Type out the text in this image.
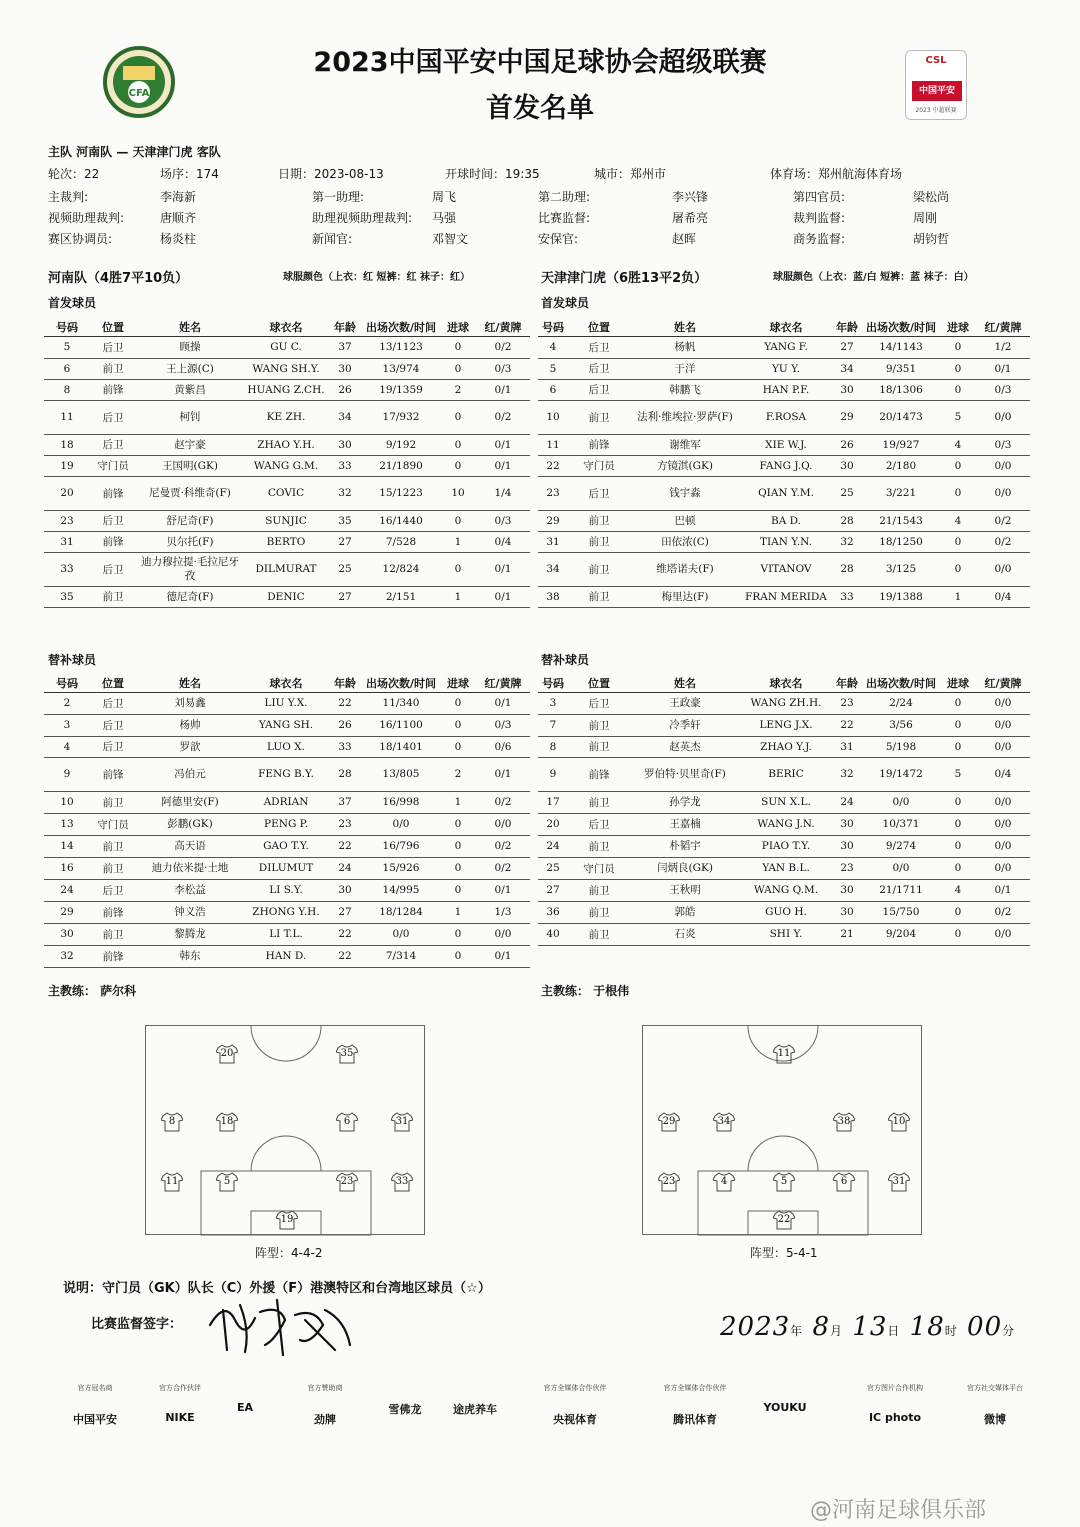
CFA
2023中国平安中国足球协会超级联赛
首发名单
CSL
中国平安
2023 中超联赛
主队 河南队 — 天津津门虎 客队
轮次：22	场序：174	日期：2023-08-13	开球时间：19:35	城市：郑州市	体育场：郑州航海体育场
主裁判:	李海新	第一助理:	周飞	第二助理:	李兴锋	第四官员:	梁松尚
视频助理裁判:	唐顺齐	助理视频助理裁判: 马强	比赛监督:	屠希亮	裁判监督:	周刚
赛区协调员:	杨炎柱	新闻官:	邓智文	安保官:	赵晖	商务监督:	胡钧哲
河南队（4胜7平10负）	球服颜色（上衣：红 短裤：红 袜子：红）	天津津门虎（6胜13平2负）	球服颜色（上衣：蓝/白 短裤：蓝 袜子：白）
首发球员	首发球员
号码	位置	姓名	球衣名	年龄	出场次数/时间	进球	红/黄牌
5	后卫	顾操	GU C.	37	13/1123	0	0/2
6	前卫	王上源(C)	WANG SH.Y.	30	13/974	0	0/3
8	前锋	黄紫昌	HUANG Z.CH.	26	19/1359	2	0/1
11	后卫	柯钊	KE ZH.	34	17/932	0	0/2
18	后卫	赵宇豪	ZHAO Y.H.	30	9/192	0	0/1
19	守门员	王国明(GK)	WANG G.M.	33	21/1890	0	0/1
20	前锋	尼曼贾·科维奇(F)	COVIC	32	15/1223	10	1/4
23	后卫	舒尼奇(F)	SUNJIC	35	16/1440	0	0/3
31	前锋	贝尔托(F)	BERTO	27	7/528	1	0/4
33	后卫	迪力穆拉提·毛拉尼牙孜	DILMURAT	25	12/824	0	0/1
35	前卫	德尼奇(F)	DENIC	27	2/151	1	0/1
号码	位置	姓名	球衣名	年龄	出场次数/时间	进球	红/黄牌
4	后卫	杨帆	YANG F.	27	14/1143	0	1/2
5	后卫	于洋	YU Y.	34	9/351	0	0/1
6	后卫	韩鹏飞	HAN P.F.	30	18/1306	0	0/3
10	前卫	法利·维埃拉·罗萨(F)	F.ROSA	29	20/1473	5	0/0
11	前锋	谢维军	XIE W.J.	26	19/927	4	0/3
22	守门员	方镜淇(GK)	FANG J.Q.	30	2/180	0	0/0
23	后卫	钱宇淼	QIAN Y.M.	25	3/221	0	0/0
29	前卫	巴顿	BA D.	28	21/1543	4	0/2
31	前卫	田依浓(C)	TIAN Y.N.	32	18/1250	0	0/2
34	前卫	维塔诺夫(F)	VITANOV	28	3/125	0	0/0
38	前卫	梅里达(F)	FRAN MERIDA	33	19/1388	1	0/4
替补球员	替补球员
号码	位置	姓名	球衣名	年龄	出场次数/时间	进球	红/黄牌
2	后卫	刘易鑫	LIU Y.X.	22	11/340	0	0/1
3	后卫	杨帅	YANG SH.	26	16/1100	0	0/3
4	后卫	罗歆	LUO X.	33	18/1401	0	0/6
9	前锋	冯伯元	FENG B.Y.	28	13/805	2	0/1
10	前卫	阿德里安(F)	ADRIAN	37	16/998	1	0/2
13	守门员	彭鹏(GK)	PENG P.	23	0/0	0	0/0
14	前卫	高天语	GAO T.Y.	22	16/796	0	0/2
16	前卫	迪力依米提·土地	DILUMUT	24	15/926	0	0/2
24	后卫	李松益	LI S.Y.	30	14/995	0	0/1
29	前锋	钟义浩	ZHONG Y.H.	27	18/1284	1	1/3
30	前卫	黎腾龙	LI T.L.	22	0/0	0	0/0
32	前锋	韩东	HAN D.	22	7/314	0	0/1
号码	位置	姓名	球衣名	年龄	出场次数/时间	进球	红/黄牌
3	后卫	王政豪	WANG ZH.H.	23	2/24	0	0/0
7	前卫	冷季轩	LENG J.X.	22	3/56	0	0/0
8	前卫	赵英杰	ZHAO Y.J.	31	5/198	0	0/0
9	前锋	罗伯特·贝里奇(F)	BERIC	32	19/1472	5	0/4
17	前卫	孙学龙	SUN X.L.	24	0/0	0	0/0
20	后卫	王嘉楠	WANG J.N.	30	10/371	0	0/0
24	前卫	朴韬宇	PIAO T.Y.	30	9/274	0	0/0
25	守门员	闫炳良(GK)	YAN B.L.	23	0/0	0	0/0
27	前卫	王秋明	WANG Q.M.	30	21/1711	4	0/1
36	前卫	郭皓	GUO H.	30	15/750	0	0/2
40	前卫	石炎	SHI Y.	21	9/204	0	0/0
主教练： 萨尔科	主教练： 于根伟
20	35
8	18	6	31
11	5	23	33
19
11
29	34	38	10
23	4	5	6	31
22
阵型：4-4-2	阵型：5-4-1
说明：守门员（GK）队长（C）外援（F）港澳特区和台湾地区球员（☆）
比赛监督签字：	2023年 8月 13日 18时 00分
官方冠名商
中国平安
官方合作伙伴
NIKE
EA
官方赞助商
劲牌
雪佛龙	途虎养车
官方全媒体合作伙伴
央视体育
官方全媒体合作伙伴
腾讯体育
YOUKU
官方图片合作机构
IC photo
官方社交媒体平台
微博
@河南足球俱乐部
